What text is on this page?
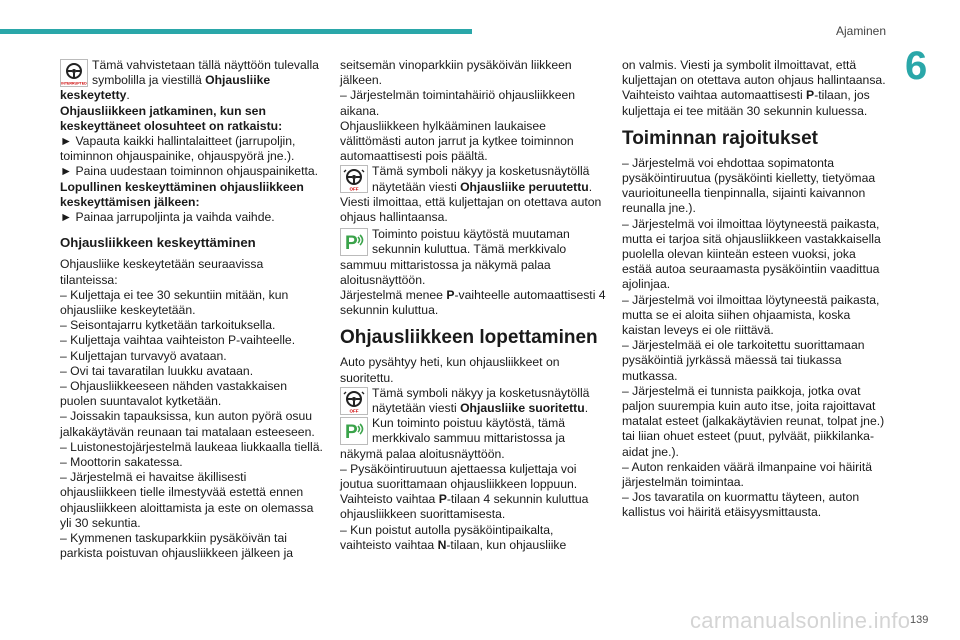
Ajaminen
6
INTERRUPTED

Tämä vahvistetaan tällä näyttöön tulevalla symbolilla ja viestillä Ohjausliike

keskeytetty.

Ohjausliikkeen jatkaminen, kun sen keskeyttäneet olosuhteet on ratkaistu:

► Vapauta kaikki hallintalaitteet (jarrupoljin, toiminnon ohjauspainike, ohjauspyörä jne.).

► Paina uudestaan toiminnon ohjauspainiketta.

Lopullinen keskeyttäminen ohjausliikkeen keskeyttämisen jälkeen:

► Painaa jarrupoljinta ja vaihda vaihde.

Ohjausliikkeen keskeyttäminen

Ohjausliike keskeytetään seuraavissa tilanteissa:

– Kuljettaja ei tee 30 sekuntiin mitään, kun ohjausliike keskeytetään.

– Seisontajarru kytketään tarkoituksella.

– Kuljettaja vaihtaa vaihteiston P-vaihteelle.

– Kuljettajan turvavyö avataan.

– Ovi tai tavaratilan luukku avataan.

– Ohjausliikkeeseen nähden vastakkaisen puolen suuntavalot kytketään.

– Joissakin tapauksissa, kun auton pyörä osuu jalkakäytävän reunaan tai matalaan esteeseen.

– Luistonestojärjestelmä laukeaa liukkaalla tiellä.

– Moottorin sakatessa.

– Järjestelmä ei havaitse äkillisesti ohjausliikkeen tielle ilmestyvää estettä ennen ohjausliikkeen aloittamista ja este on olemassa yli 30 sekuntia.

– Kymmenen taskuparkkiin pysäköivän tai parkista poistuvan ohjausliikkeen jälkeen ja

seitsemän vinoparkkiin pysäköivän liikkeen jälkeen.

– Järjestelmän toimintahäiriö ohjausliikkeen aikana.

Ohjausliikkeen hylkääminen laukaisee välittömästi auton jarrut ja kytkee toiminnon automaattisesti pois päältä.

OFF

Tämä symboli näkyy ja kosketusnäytöllä näytetään viesti Ohjausliike peruutettu.

Viesti ilmoittaa, että kuljettajan on otettava auton ohjaus hallintaansa.

P Toiminto poistuu käytöstä muutaman sekunnin kuluttua. Tämä merkkivalo

sammuu mittaristossa ja näkymä palaa aloitusnäyttöön.

Järjestelmä menee P-vaihteelle automaattisesti 4 sekunnin kuluttua.

Ohjausliikkeen lopettaminen

Auto pysähtyy heti, kun ohjausliikkeet on suoritettu.

OFF

Tämä symboli näkyy ja kosketusnäytöllä näytetään viesti Ohjausliike suoritettu.

P Kun toiminto poistuu käytöstä, tämä merkkivalo sammuu mittaristossa ja

näkymä palaa aloitusnäyttöön.

– Pysäköintiruutuun ajettaessa kuljettaja voi joutua suorittamaan ohjausliikkeen loppuun.

Vaihteisto vaihtaa P-tilaan 4 sekunnin kuluttua ohjausliikkeen suorittamisesta.

– Kun poistut autolla pysäköintipaikalta, vaihteisto vaihtaa N-tilaan, kun ohjausliike

on valmis. Viesti ja symbolit ilmoittavat, että kuljettajan on otettava auton ohjaus hallintaansa. Vaihteisto vaihtaa automaattisesti P-tilaan, jos kuljettaja ei tee mitään 30 sekunnin kuluessa.

Toiminnan rajoitukset

– Järjestelmä voi ehdottaa sopimatonta pysäköintiruutua (pysäköinti kielletty, tietyömaa vaurioituneella tienpinnalla, sijainti kaivannon reunalla jne.).

– Järjestelmä voi ilmoittaa löytyneestä paikasta, mutta ei tarjoa sitä ohjausliikkeen vastakkaisella puolella olevan kiinteän esteen vuoksi, joka estää autoa seuraamasta pysäköintiin vaadittua ajolinjaa.

– Järjestelmä voi ilmoittaa löytyneestä paikasta, mutta se ei aloita siihen ohjaamista, koska kaistan leveys ei ole riittävä.

– Järjestelmää ei ole tarkoitettu suorittamaan pysäköintiä jyrkässä mäessä tai tiukassa mutkassa.

– Järjestelmä ei tunnista paikkoja, jotka ovat paljon suurempia kuin auto itse, joita rajoittavat matalat esteet (jalkakäytävien reunat, tolpat jne.) tai liian ohuet esteet (puut, pylväät, piikkilanka-aidat jne.).

– Auton renkaiden väärä ilmanpaine voi häiritä järjestelmän toimintaa.

– Jos tavaratila on kuormattu täyteen, auton kallistus voi häiritä etäisyysmittausta.

carmanualsonline.info 139
